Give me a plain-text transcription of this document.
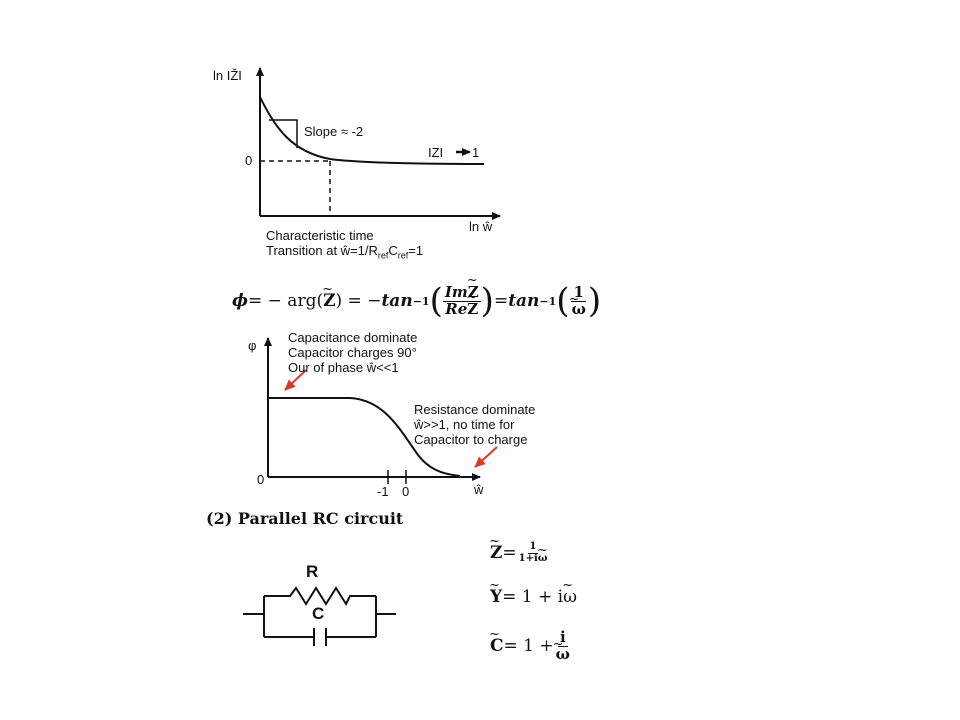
ln IŽI
0
Slope ≈ -2
IZI 1
ln ŵ
Characteristic time
Transition at $ŵ=1/R_{ref}C_{ref}=1$
ϕ = − arg( ~ Z ) = − tan −1 ( $\frac{Im\sim Z}{Re\sim Z}$ ) = tan −1 ( 1
~ ω )
φ
0
-1 0	ŵ
Capacitance dominate
Capacitor charges 90°
Our of phase ŵ<<1
Resistance dominate
ŵ>>1, no time for
Capacitor to charge
(2) Parallel RC circuit
R
C
~ $Z = \frac{1}{1+i\sim \omega}$
~ Y = 1 + i ~ ω
~ C = 1 + i
~ ω
